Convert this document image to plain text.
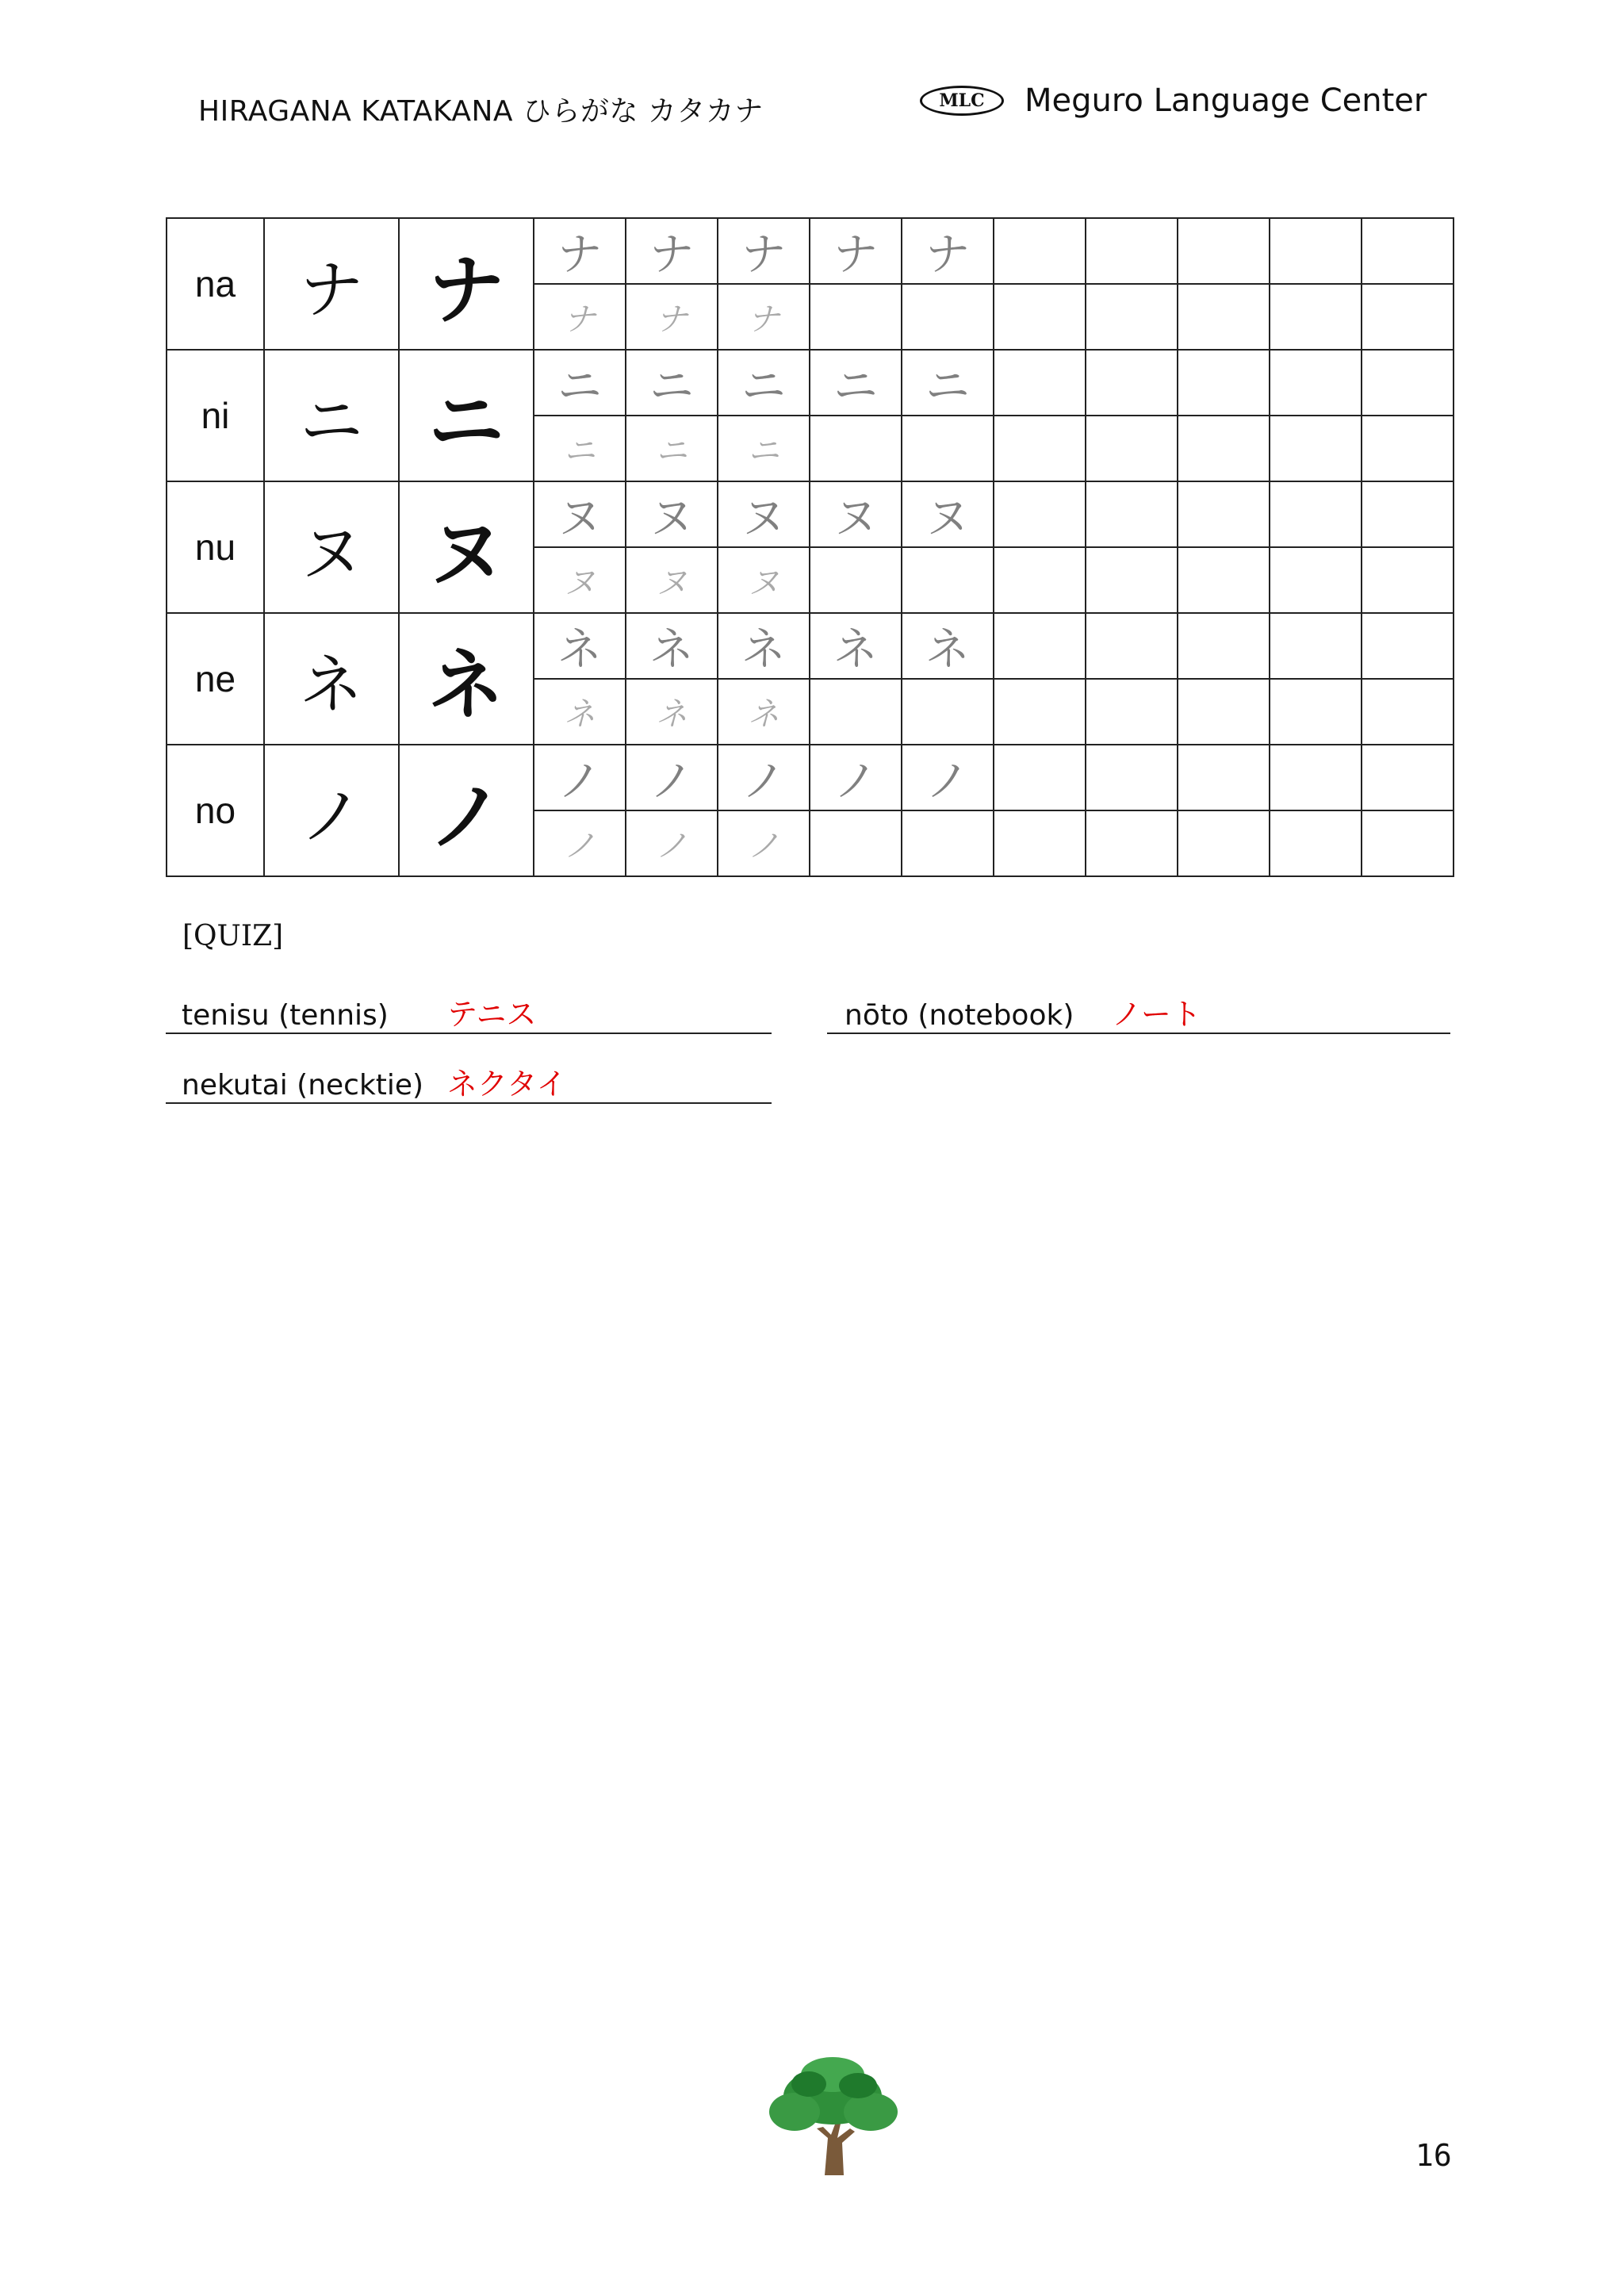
HIRAGANA KATAKANA ひらがな カタカナ	MLC	Meguro Language Center
na	ナ	ナ	ナ	ナ	ナ	ナ	ナ					
			ナ	ナ	ナ							
ni	ニ	ニ	ニ	ニ	ニ	ニ	ニ					
			ニ	ニ	ニ							
nu	ヌ	ヌ	ヌ	ヌ	ヌ	ヌ	ヌ					
			ヌ	ヌ	ヌ							
ne	ネ	ネ	ネ	ネ	ネ	ネ	ネ					
			ネ	ネ	ネ							
no	ノ	ノ	ノ	ノ	ノ	ノ	ノ					
			ノ	ノ	ノ							
[QUIZ]
tenisu (tennis)	テニス	nōto (notebook)	ノート
nekutai (necktie) ネクタイ
16
